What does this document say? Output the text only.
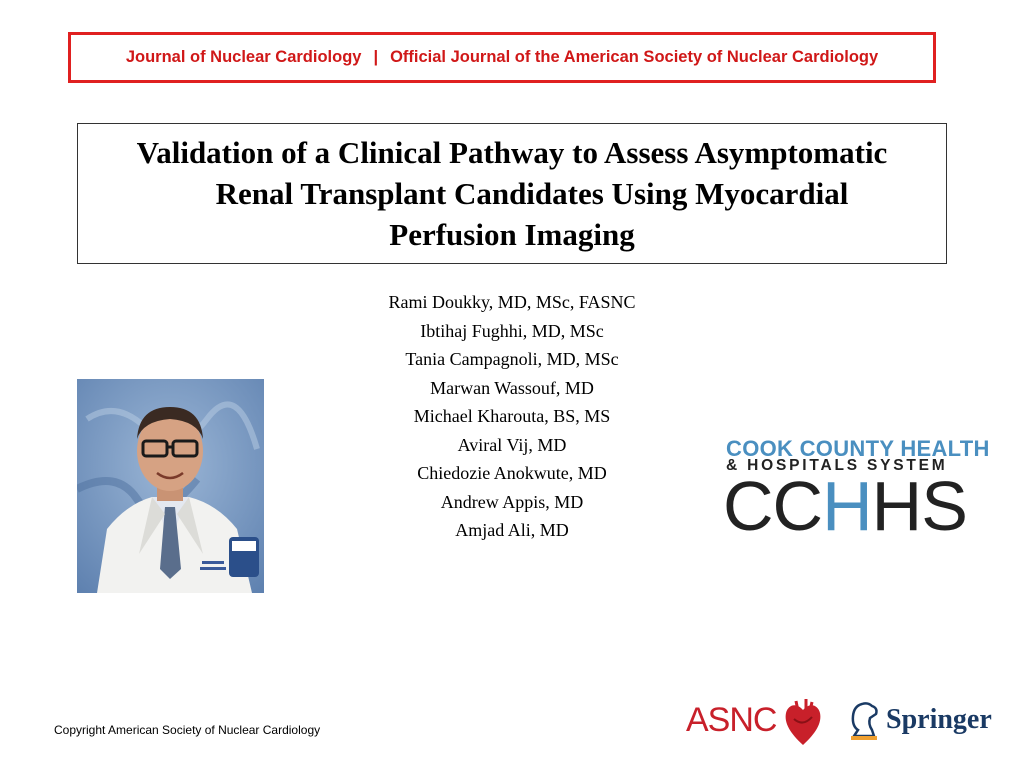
Journal of Nuclear Cardiology | Official Journal of the American Society of Nuclear Cardiology
Validation of a Clinical Pathway to Assess Asymptomatic
Renal Transplant Candidates Using Myocardial
Perfusion Imaging
Rami Doukky, MD, MSc, FASNC
Ibtihaj Fughhi, MD, MSc
Tania Campagnoli, MD, MSc
Marwan Wassouf, MD
Michael Kharouta, BS, MS
Aviral Vij, MD
Chiedozie Anokwute, MD
Andrew Appis, MD
Amjad Ali, MD
COOK COUNTY HEALTH
& HOSPITALS SYSTEM
CCHHS
Copyright American Society of Nuclear Cardiology	ASNC	Springer
